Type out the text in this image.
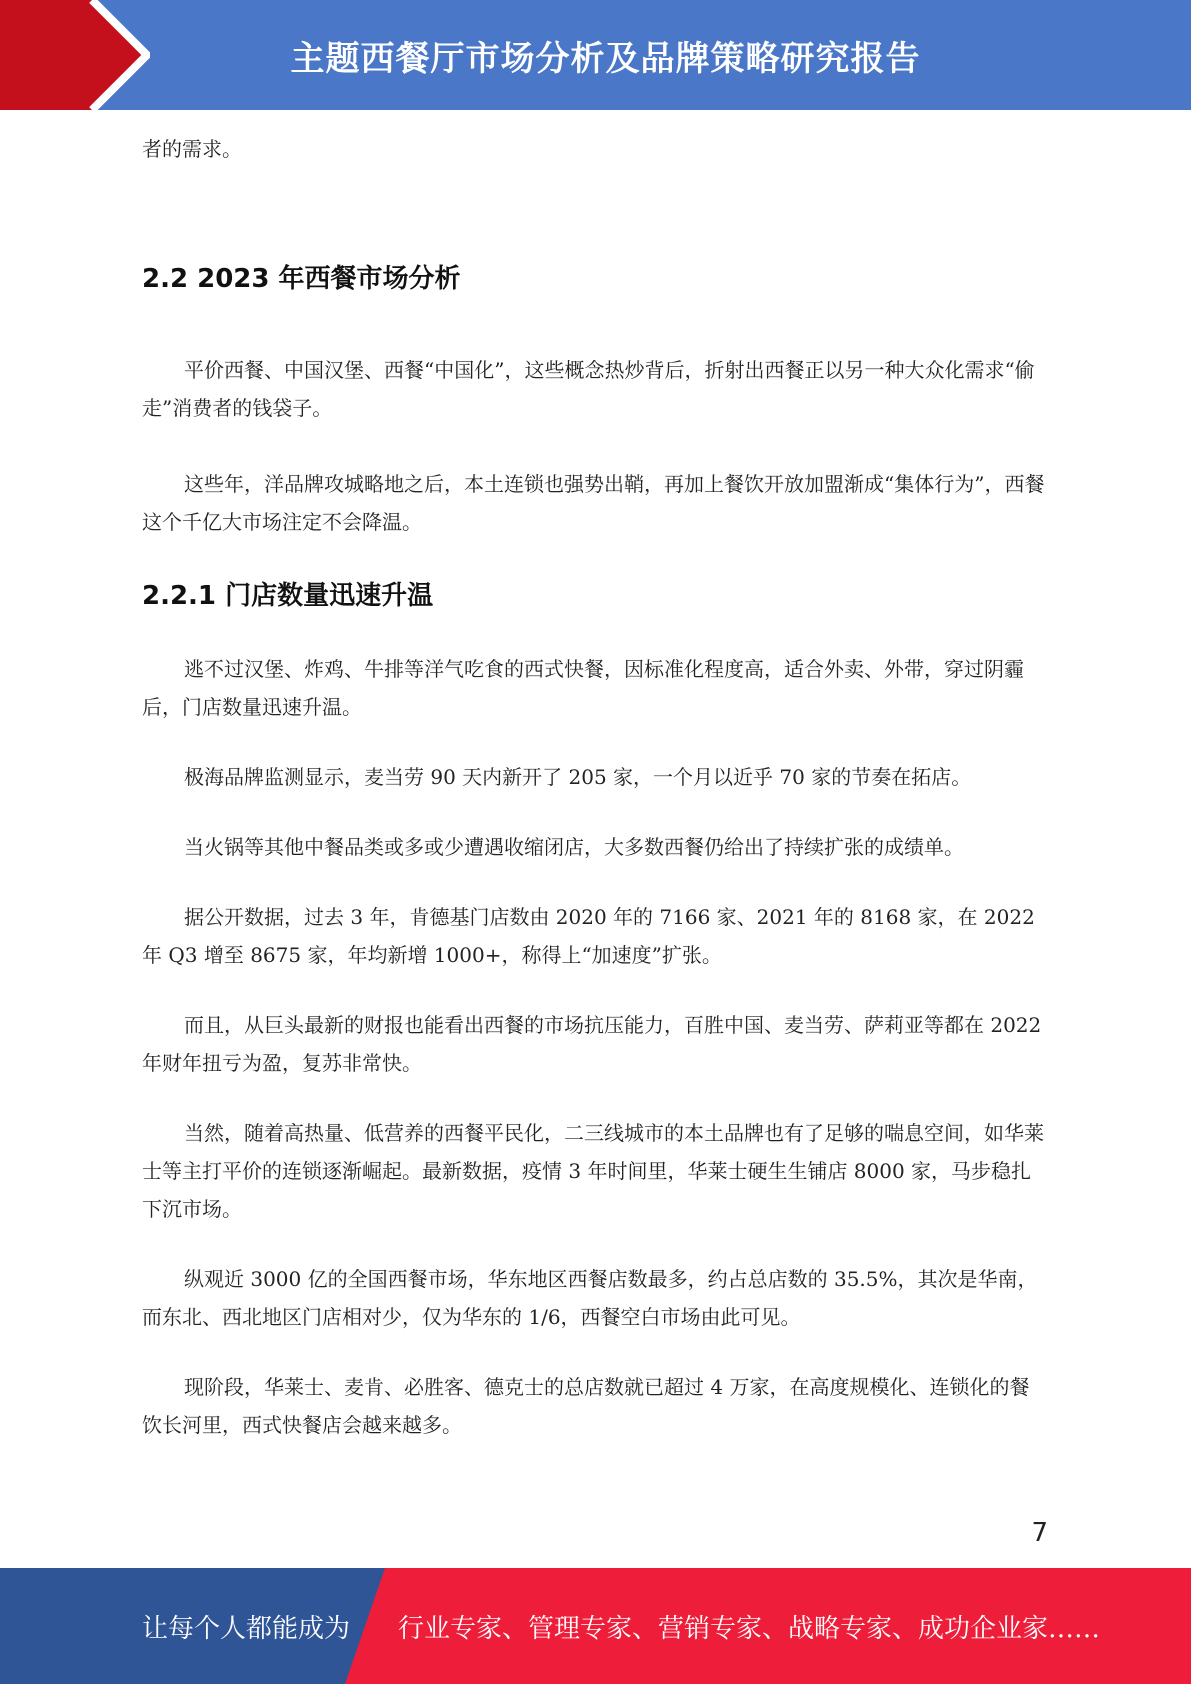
主题西餐厅市场分析及品牌策略研究报告

者的需求。

2.2 2023 年西餐市场分析

平价西餐、中国汉堡、西餐“中国化”，这些概念热炒背后，折射出西餐正以另一种大众化需求“偷走”消费者的钱袋子。

这些年，洋品牌攻城略地之后，本土连锁也强势出鞘，再加上餐饮开放加盟渐成“集体行为”，西餐这个千亿大市场注定不会降温。

2.2.1 门店数量迅速升温

逃不过汉堡、炸鸡、牛排等洋气吃食的西式快餐，因标准化程度高，适合外卖、外带，穿过阴霾后，门店数量迅速升温。

极海品牌监测显示，麦当劳 90 天内新开了 205 家，一个月以近乎 70 家的节奏在拓店。

当火锅等其他中餐品类或多或少遭遇收缩闭店，大多数西餐仍给出了持续扩张的成绩单。

据公开数据，过去 3 年，肯德基门店数由 2020 年的 7166 家、2021 年的 8168 家，在 2022 年 Q3 增至 8675 家，年均新增 1000+，称得上“加速度”扩张。

而且，从巨头最新的财报也能看出西餐的市场抗压能力，百胜中国、麦当劳、萨莉亚等都在 2022 年财年扭亏为盈，复苏非常快。

当然，随着高热量、低营养的西餐平民化，二三线城市的本土品牌也有了足够的喘息空间，如华莱士等主打平价的连锁逐渐崛起。最新数据，疫情 3 年时间里，华莱士硬生生铺店 8000 家，马步稳扎下沉市场。

纵观近 3000 亿的全国西餐市场，华东地区西餐店数最多，约占总店数的 35.5%，其次是华南，而东北、西北地区门店相对少，仅为华东的 1/6，西餐空白市场由此可见。

现阶段，华莱士、麦肯、必胜客、德克士的总店数就已超过 4 万家，在高度规模化、连锁化的餐饮长河里，西式快餐店会越来越多。

7
让每个人都能成为 行业专家、管理专家、营销专家、战略专家、成功企业家……
